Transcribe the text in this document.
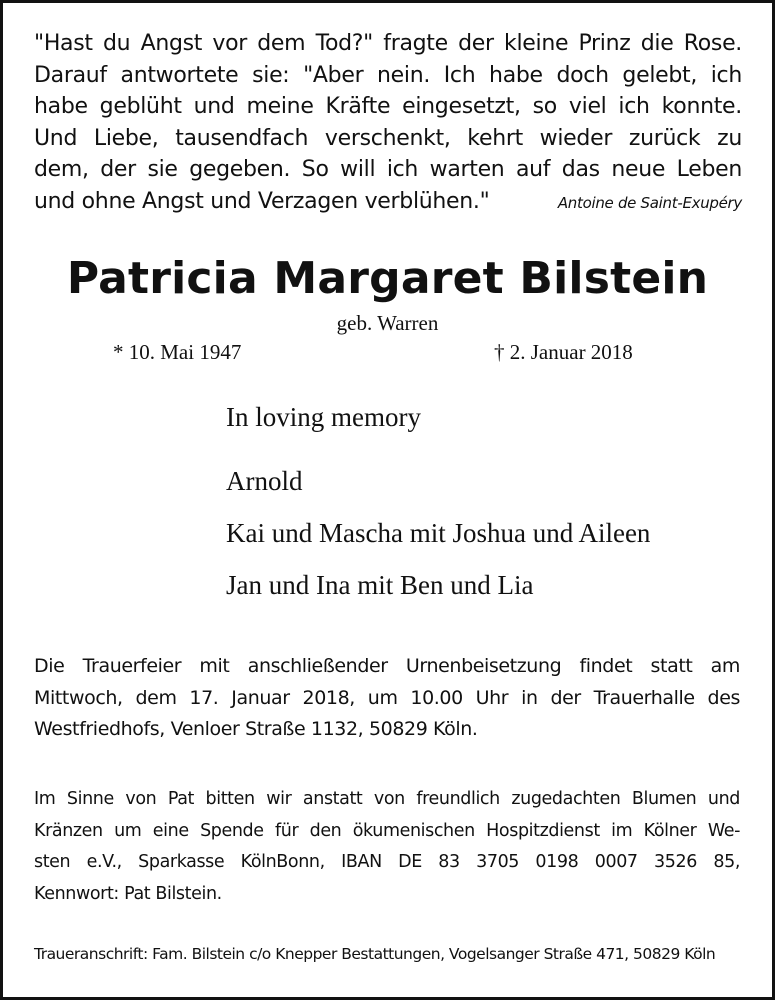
"Hast du Angst vor dem Tod?" fragte der kleine Prinz die Rose.
Darauf antwortete sie: "Aber nein. Ich habe doch gelebt, ich
habe geblüht und meine Kräfte eingesetzt, so viel ich konnte.
Und Liebe, tausendfach verschenkt, kehrt wieder zurück zu
dem, der sie gegeben. So will ich warten auf das neue Leben
und ohne Angst und Verzagen verblühen."	Antoine de Saint-Exupéry
Patricia Margaret Bilstein
geb. Warren
* 10. Mai 1947	† 2. Januar 2018
In loving memory
Arnold
Kai und Mascha mit Joshua und Aileen
Jan und Ina mit Ben und Lia
Die Trauerfeier mit anschließender Urnenbeisetzung findet statt am
Mittwoch, dem 17. Januar 2018, um 10.00 Uhr in der Trauerhalle des
Westfriedhofs, Venloer Straße 1132, 50829 Köln.
Im Sinne von Pat bitten wir anstatt von freundlich zugedachten Blumen und
Kränzen um eine Spende für den ökumenischen Hospitzdienst im Kölner We-
sten e.V., Sparkasse KölnBonn, IBAN DE 83 3705 0198 0007 3526 85,
Kennwort: Pat Bilstein.
Traueranschrift: Fam. Bilstein c/o Knepper Bestattungen, Vogelsanger Straße 471, 50829 Köln
